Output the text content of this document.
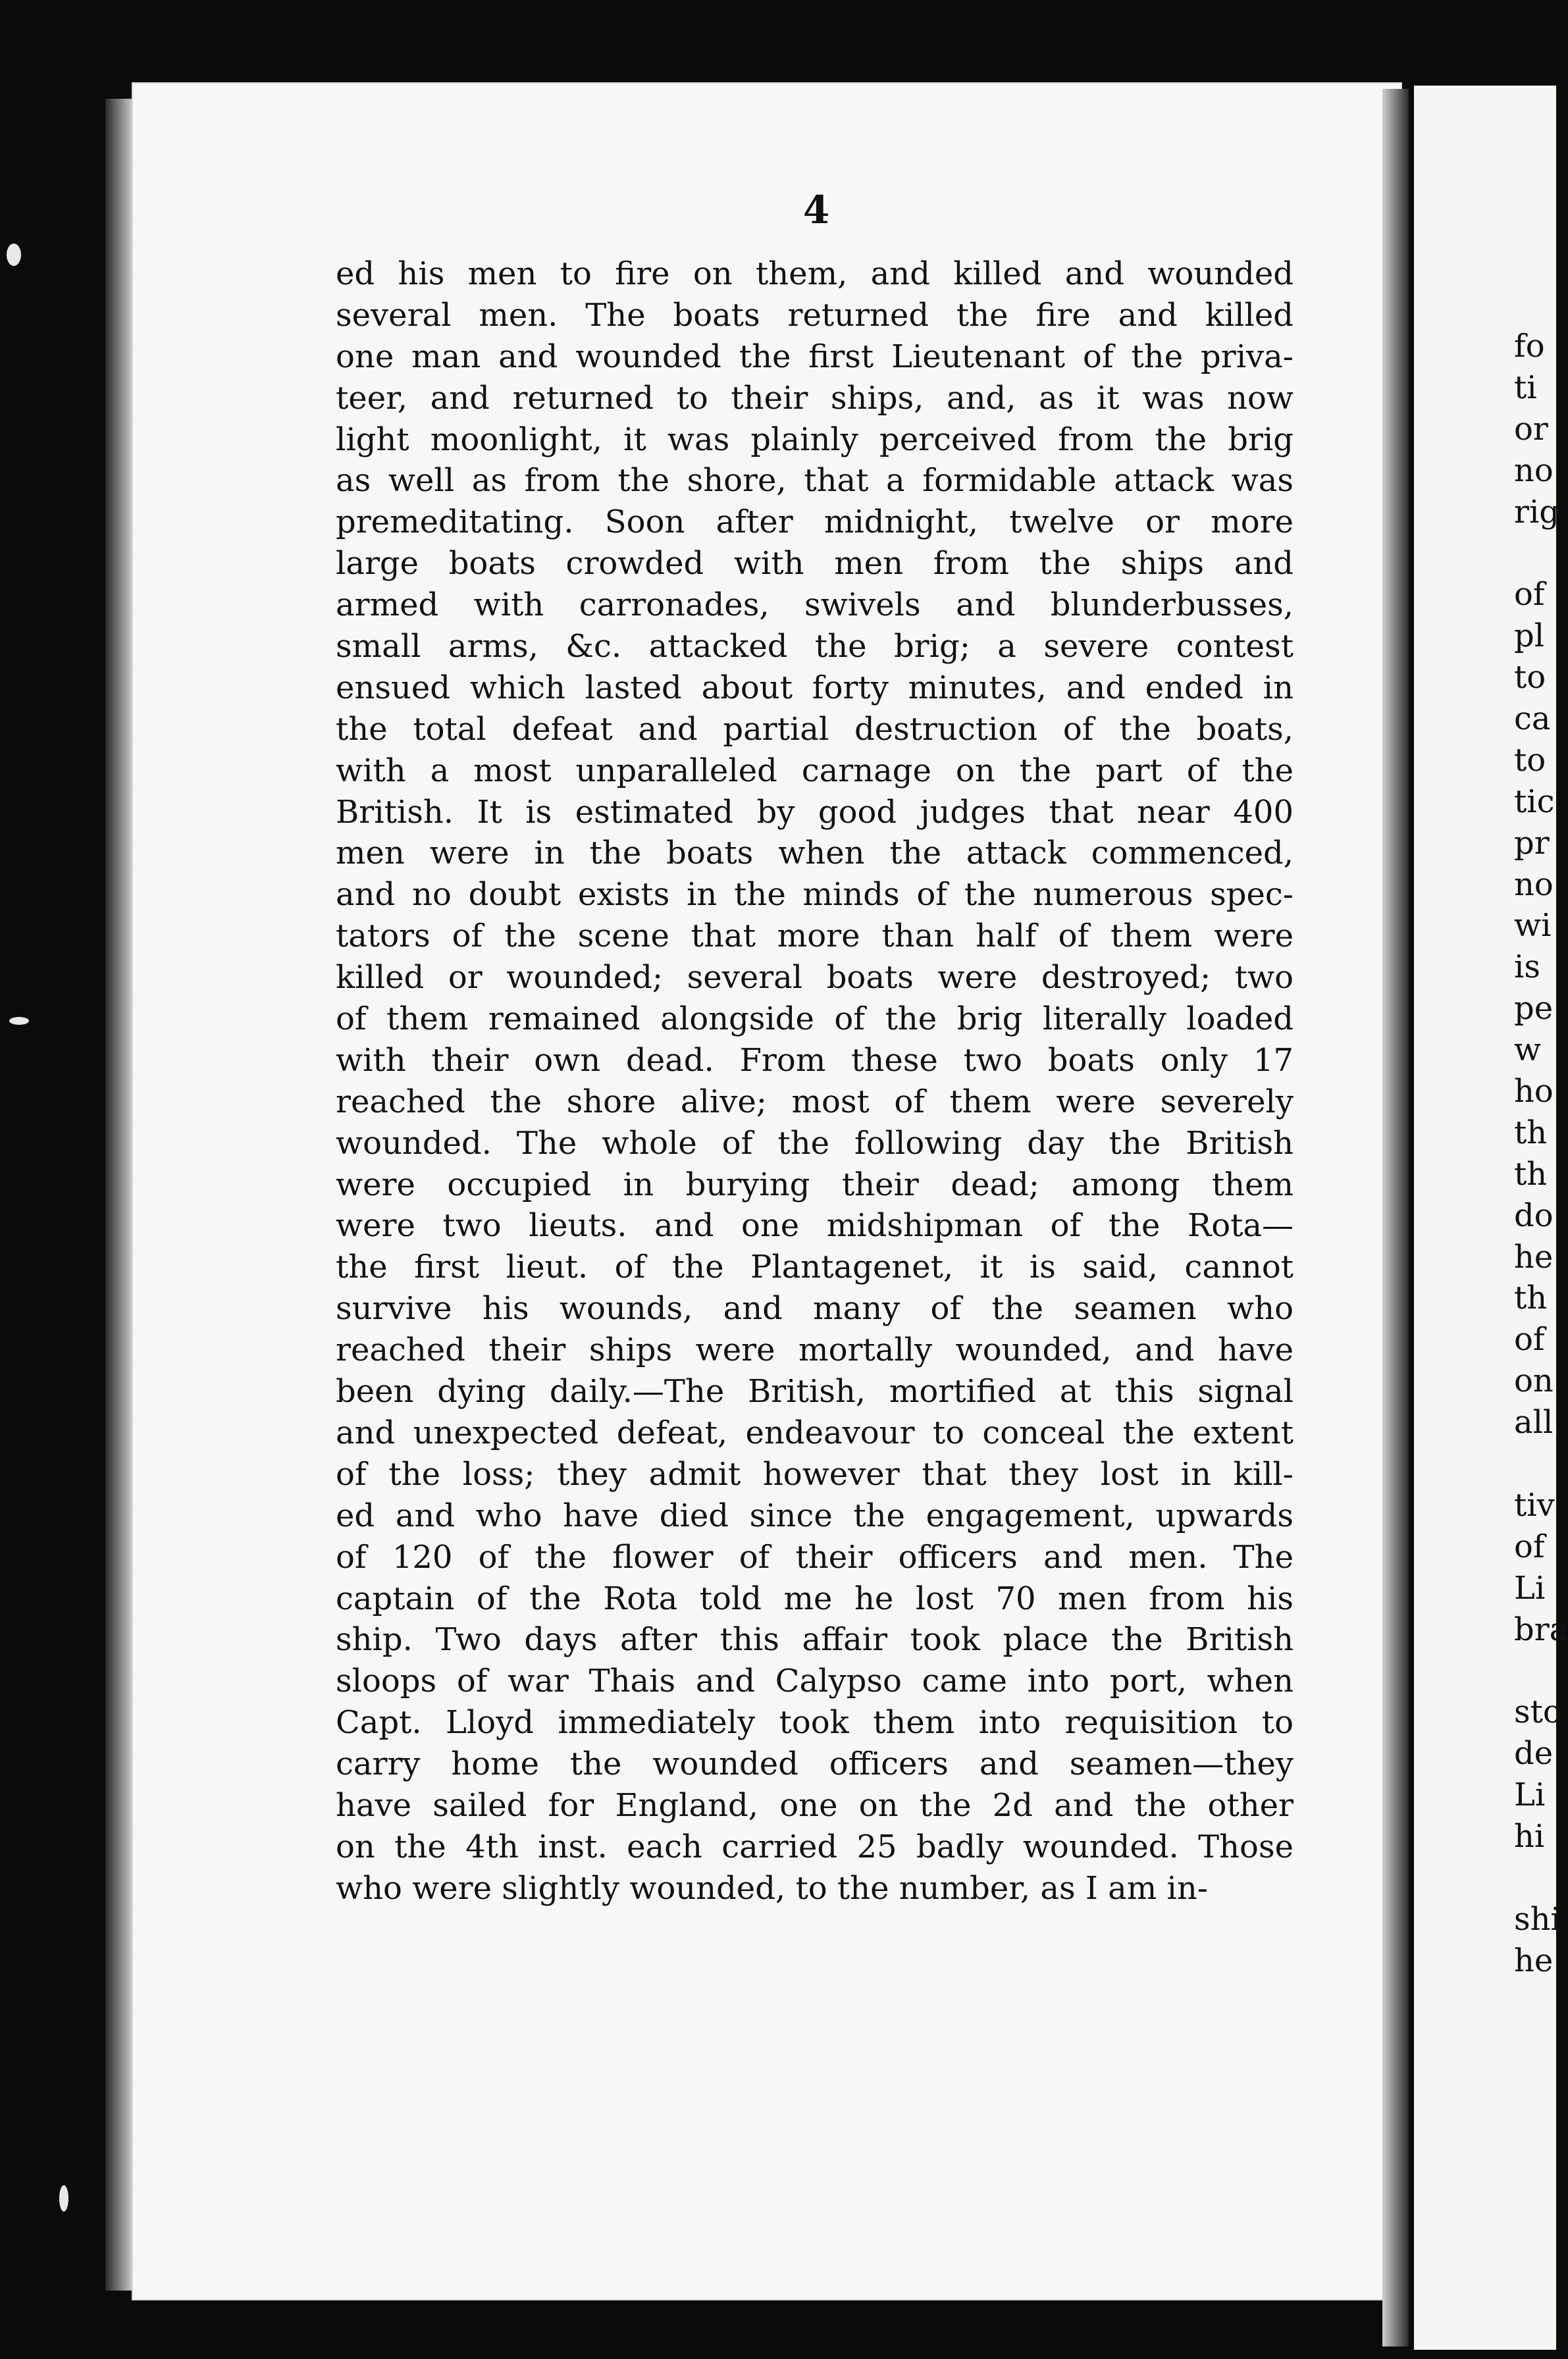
4
ed his men to fire on them, and killed and wounded
several men. The boats returned the fire and killed
one man and wounded the first Lieutenant of the priva-
teer, and returned to their ships, and, as it was now
light moonlight, it was plainly perceived from the brig
as well as from the shore, that a formidable attack was
premeditating. Soon after midnight, twelve or more
large boats crowded with men from the ships and
armed with carronades, swivels and blunderbusses,
small arms, &c. attacked the brig; a severe contest
ensued which lasted about forty minutes, and ended in
the total defeat and partial destruction of the boats,
with a most unparalleled carnage on the part of the
British. It is estimated by good judges that near 400
men were in the boats when the attack commenced,
and no doubt exists in the minds of the numerous spec-
tators of the scene that more than half of them were
killed or wounded; several boats were destroyed; two
of them remained alongside of the brig literally loaded
with their own dead. From these two boats only 17
reached the shore alive; most of them were severely
wounded. The whole of the following day the British
were occupied in burying their dead; among them
were two lieuts. and one midshipman of the Rota—
the first lieut. of the Plantagenet, it is said, cannot
survive his wounds, and many of the seamen who
reached their ships were mortally wounded, and have
been dying daily.—The British, mortified at this signal
and unexpected defeat, endeavour to conceal the extent
of the loss; they admit however that they lost in kill-
ed and who have died since the engagement, upwards
of 120 of the flower of their officers and men. The
captain of the Rota told me he lost 70 men from his
ship. Two days after this affair took place the British
sloops of war Thais and Calypso came into port, when
Capt. Lloyd immediately took them into requisition to
carry home the wounded officers and seamen—they
have sailed for England, one on the 2d and the other
on the 4th inst. each carried 25 badly wounded. Those
who were slightly wounded, to the number, as I am in-
fo
ti
or
no
rig
of
pl
to
ca
to
tic
pr
no
wi
is
pe
w
ho
th
th
do
he
th
of
on
all
tiv
of
Li
bra
sto
de
Li
hi
shi
he
